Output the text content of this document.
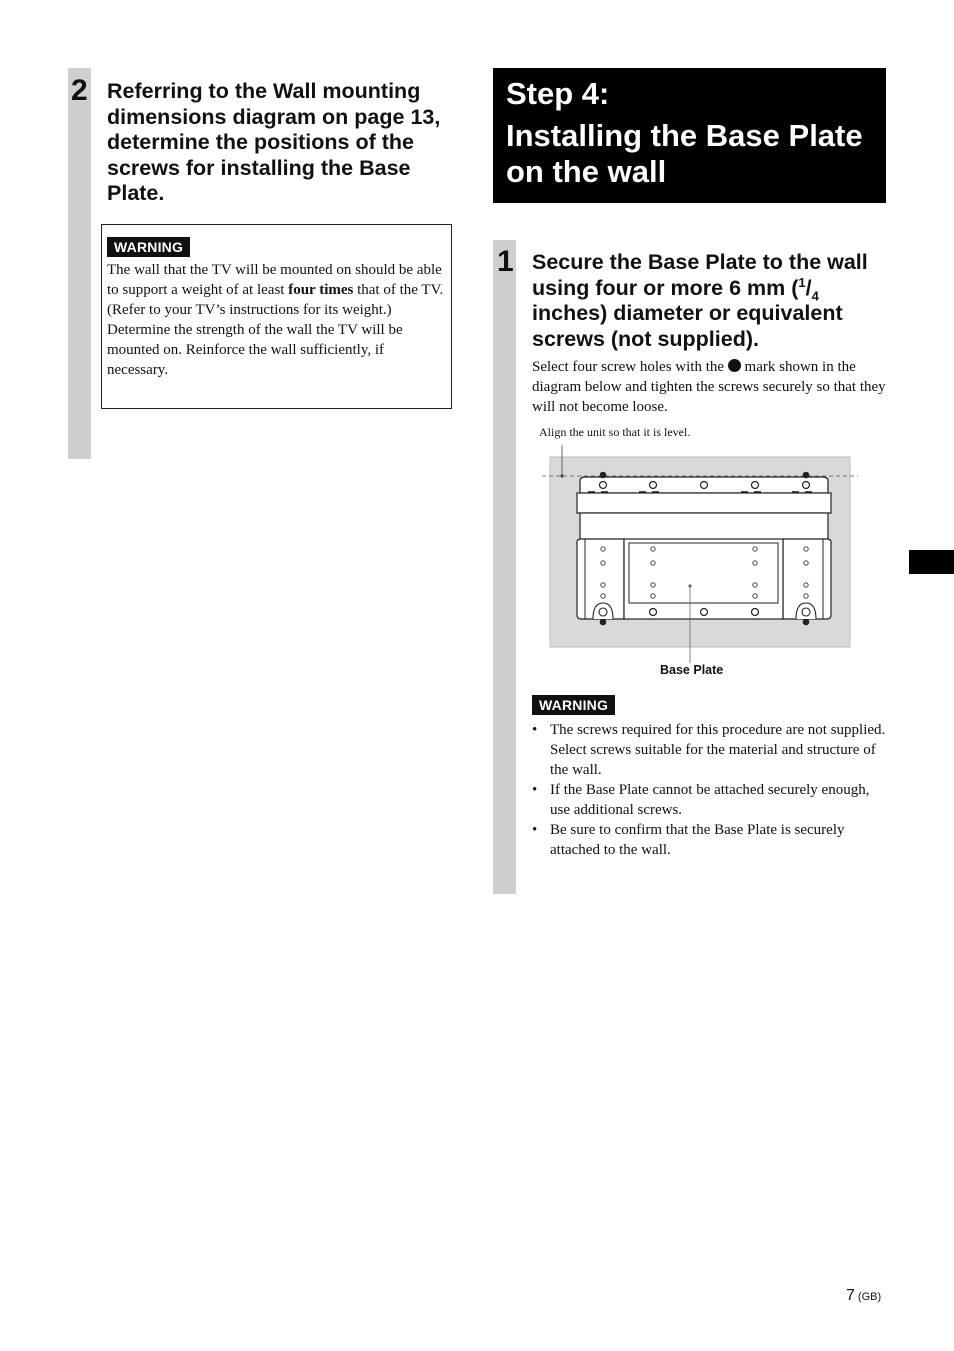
2 Referring to the Wall mounting dimensions diagram on page 13, determine the positions of the screws for installing the Base Plate.
WARNING
The wall that the TV will be mounted on should be able to support a weight of at least four times that of the TV. (Refer to your TV’s instructions for its weight.)
Determine the strength of the wall the TV will be mounted on. Reinforce the wall sufficiently, if necessary.
Step 4:
Installing the Base Plate on the wall
1 Secure the Base Plate to the wall using four or more 6 mm ($^1/_4$ inches) diameter or equivalent screws (not supplied).
Select four screw holes with the  mark shown in the diagram below and tighten the screws securely so that they will not become loose.
Align the unit so that it is level.
Base Plate
WARNING
• The screws required for this procedure are not supplied. Select screws suitable for the material and structure of the wall.
• If the Base Plate cannot be attached securely enough, use additional screws.
• Be sure to confirm that the Base Plate is securely attached to the wall.
7 (GB)
